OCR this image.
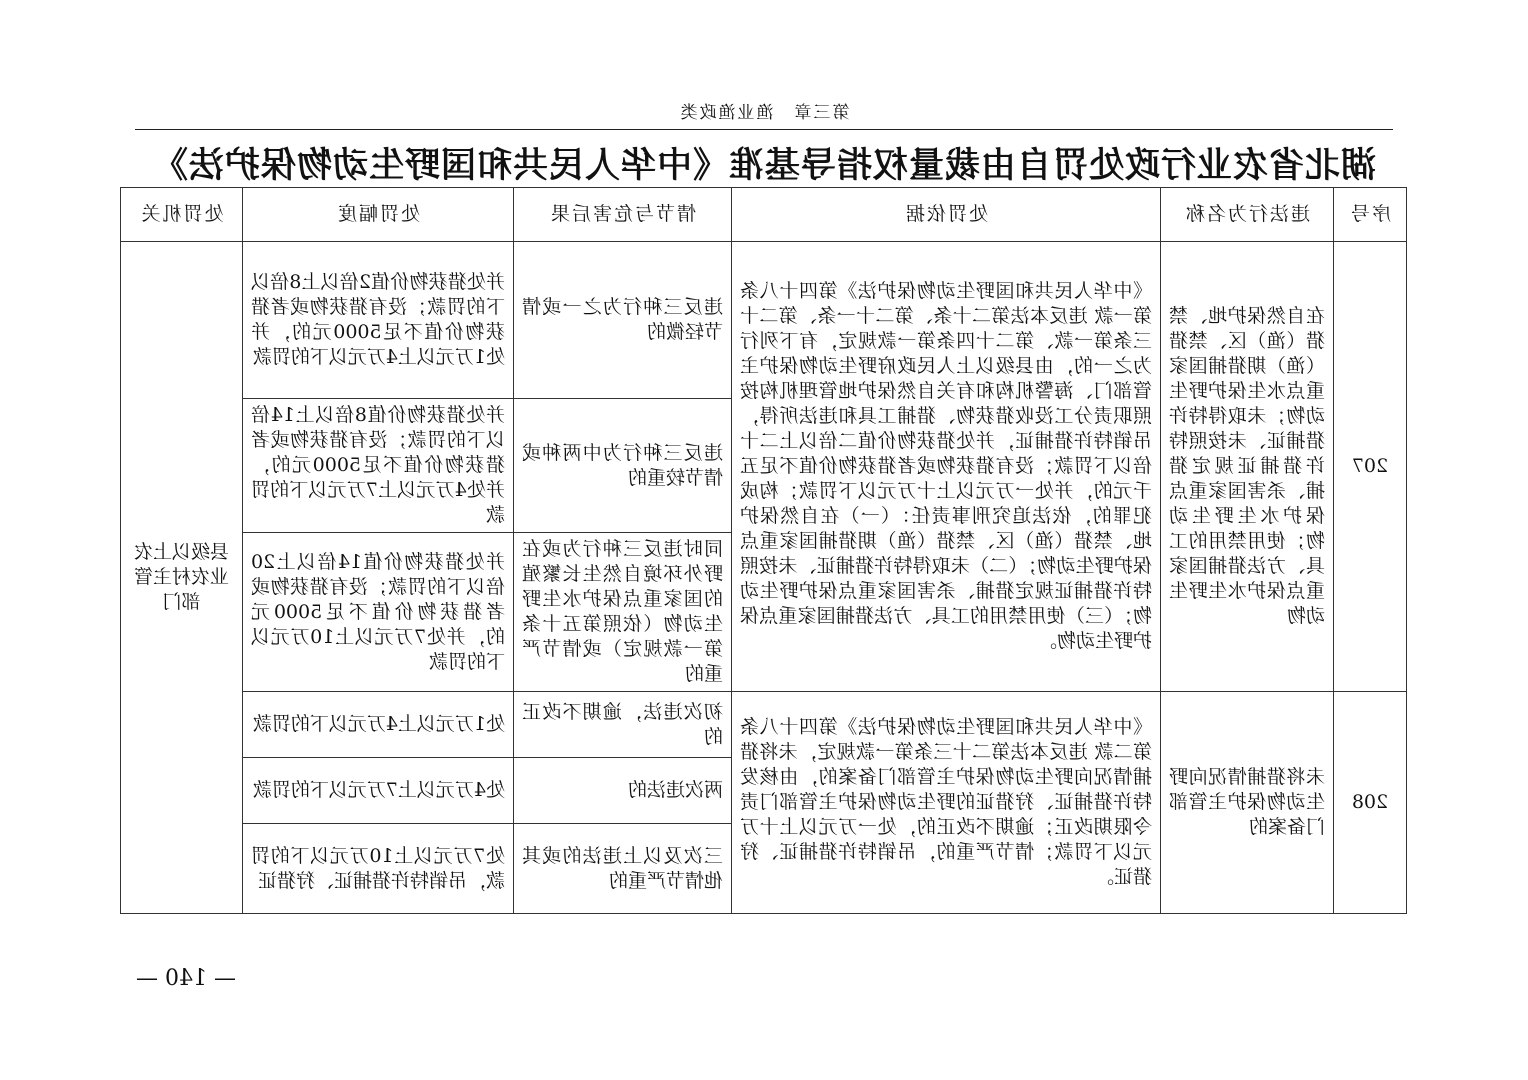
第三章　渔业渔政类
湖北省农业行政处罚自由裁量权指导基准《中华人民共和国野生动物保护法》
序号	违法行为名称	处罚依据	情节与危害后果	处罚幅度	处罚机关
207	在自然保护地、禁猎（渔）区、禁猎（渔）期猎捕国家重点水生保护野生动物；未取得特许猎捕证、未按照特许猎捕证规定猎捕、杀害国家重点保护水生野生动物；使用禁用的工具、方法猎捕国家重点保护水生野生动物	《中华人民共和国野生动物保护法》第四十八条 第一款 违反本法第二十条、第二十一条、第二十三条第一款、第二十四条第一款规定，有下列行为之一的，由县级以上人民政府野生动物保护主管部门、海警机构和有关自然保护地管理机构按照职责分工没收猎获物、猎捕工具和违法所得，吊销特许猎捕证，并处猎获物价值二倍以上二十倍以下罚款；没有猎获物或者猎获物价值不足五千元的，并处一万元以上十万元以下罚款；构成犯罪的，依法追究刑事责任：（一）在自然保护地、禁猎（渔）区、禁猎（渔）期猎捕国家重点保护野生动物；（二）未取得特许猎捕证、未按照特许猎捕证规定猎捕、杀害国家重点保护野生动物；（三）使用禁用的工具、方法猎捕国家重点保护野生动物。	违反三种行为之一或情节轻微的	并处猎获物价值2倍以上8倍以下的罚款；没有猎获物或者猎获物价值不足5000元的，并处1万元以上4万元以下的罚款	县级以上农业农村主管部门
			违反三种行为中两种或情节较重的	并处猎获物价值8倍以上14倍以下的罚款；没有猎获物或者猎获物价值不足5000元的，并处4万元以上7万元以下的罚款	
			同时违反三种行为或在野外环境自然生长繁殖的国家重点保护水生野生动物（依照第五十条第一款规定）或情节严重的	并处猎获物价值14倍以上20倍以下的罚款；没有猎获物或者猎获物价值不足5000元的，并处7万元以上10万元以下的罚款	
208	未将猎捕情况向野生动物保护主管部门备案的	《中华人民共和国野生动物保护法》第四十八条 第二款 违反本法第二十三条第一款规定，未将猎捕情况向野生动物保护主管部门备案的，由核发特许猎捕证、狩猎证的野生动物保护主管部门责令限期改正；逾期不改正的，处一万元以上十万元以下罚款；情节严重的，吊销特许猎捕证、狩猎证。	初次违法，逾期不改正的	处1万元以上4万元以下的罚款	
			两次违法的	处4万元以上7万元以下的罚款	
			三次及以上违法的或其他情节严重的	处7万元以上10万元以下的罚款，吊销特许猎捕证、狩猎证	
— 140 —
